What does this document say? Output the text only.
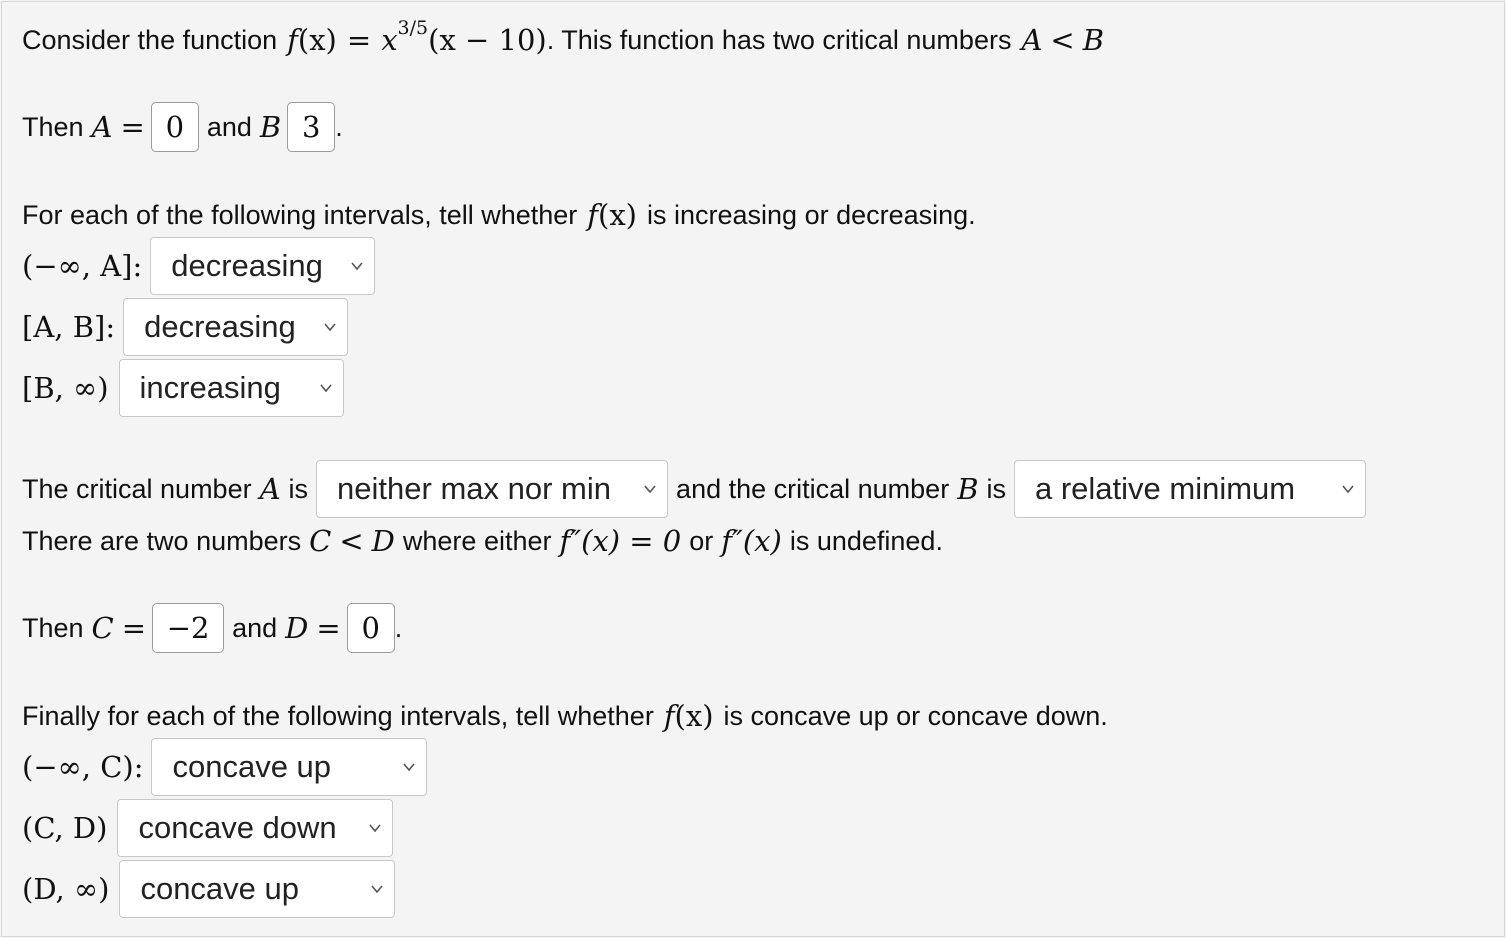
Consider the function f (x) = x 3/5 (x − 10) . This function has two critical numbers A < B
Then A = 0 and B 3 .
For each of the following intervals, tell whether f (x) is increasing or decreasing.
(−∞, A]: decreasing
[A, B]: decreasing
[B, ∞) increasing
The critical number A is neither max nor min and the critical number B is a relative minimum
There are two numbers C < D where either f″(x) = 0 or f″(x) is undefined.
Then C = −2 and D = 0 .
Finally for each of the following intervals, tell whether f (x) is concave up or concave down.
(−∞, C): concave up
(C, D) concave down
(D, ∞) concave up
